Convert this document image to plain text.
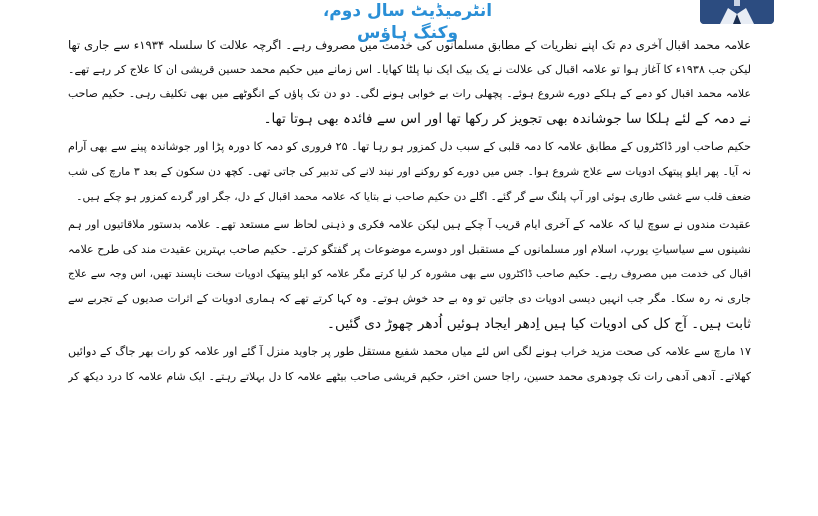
انٹرمیڈیٹ سال دوم، وکنگ ہاؤس
علامہ محمد اقبال آخری دم تک اپنے نظریات کے مطابق مسلمانوں کی خدمت میں مصروف رہے۔ اگرچہ علالت کا سلسلہ ۱۹۳۴ء سے جاری تھا
لیکن جب ۱۹۳۸ء کا آغاز ہوا تو علامہ اقبال کی علالت نے یک بیک ایک نیا پلٹا کھایا۔ اس زمانے میں حکیم محمد حسین قریشی ان کا علاج کر رہے تھے۔
علامہ محمد اقبال کو دمے کے ہلکے دورے شروع ہوئے۔ پچھلی رات بے خوابی ہونے لگی۔ دو دن تک پاؤں کے انگوٹھے میں بھی تکلیف رہی۔ حکیم صاحب
نے دمہ کے لئے ہلکا سا جوشاندہ بھی تجویز کر رکھا تھا اور اس سے فائدہ بھی ہوتا تھا۔
حکیم صاحب اور ڈاکٹروں کے مطابق علامہ کا دمہ قلبی کے سبب دل کمزور ہو رہا تھا۔ ۲۵ فروری کو دمہ کا دورہ پڑا اور جوشاندہ پینے سے بھی آرام
نہ آیا۔ پھر ایلو پیتھک ادویات سے علاج شروع ہوا۔ جس میں دورے کو روکنے اور نیند لانے کی تدبیر کی جاتی تھی۔ کچھ دن سکون کے بعد ۳ مارچ کی شب
ضعف قلب سے غشی طاری ہوئی اور آپ پلنگ سے گر گئے۔ اگلے دن حکیم صاحب نے بتایا کہ علامہ محمد اقبال کے دل، جگر اور گردے کمزور ہو چکے ہیں۔
عقیدت مندوں نے سوچ لیا کہ علامہ کے آخری ایام قریب آ چکے ہیں لیکن علامہ فکری و ذہنی لحاظ سے مستعد تھے۔ علامہ بدستور ملاقاتیوں اور ہم
نشینوں سے سیاسیاتِ یورپ، اسلام اور مسلمانوں کے مستقبل اور دوسرے موضوعات پر گفتگو کرتے۔ حکیم صاحب بہترین عقیدت مند کی طرح علامہ
اقبال کی خدمت میں مصروف رہے۔ حکیم صاحب ڈاکٹروں سے بھی مشورہ کر لیا کرتے مگر علامہ کو ایلو پیتھک ادویات سخت ناپسند تھیں، اس وجہ سے علاج
جاری نہ رہ سکا۔ مگر جب انہیں دیسی ادویات دی جاتیں تو وہ بے حد خوش ہوتے۔ وہ کہا کرتے تھے کہ ہماری ادویات کے اثرات صدیوں کے تجربے سے
ثابت ہیں۔ آج کل کی ادویات کیا ہیں اِدھر ایجاد ہوئیں اُدھر چھوڑ دی گئیں۔
۱۷ مارچ سے علامہ کی صحت مزید خراب ہونے لگی اس لئے میاں محمد شفیع مستقل طور پر جاوید منزل آ گئے اور علامہ کو رات بھر جاگ کے دوائیں
کھلاتے۔ آدھی آدھی رات تک چودھری محمد حسین، راجا حسن اختر، حکیم قریشی صاحب بیٹھے علامہ کا دل بہلاتے رہتے۔ ایک شام علامہ کا درد دیکھ کر
